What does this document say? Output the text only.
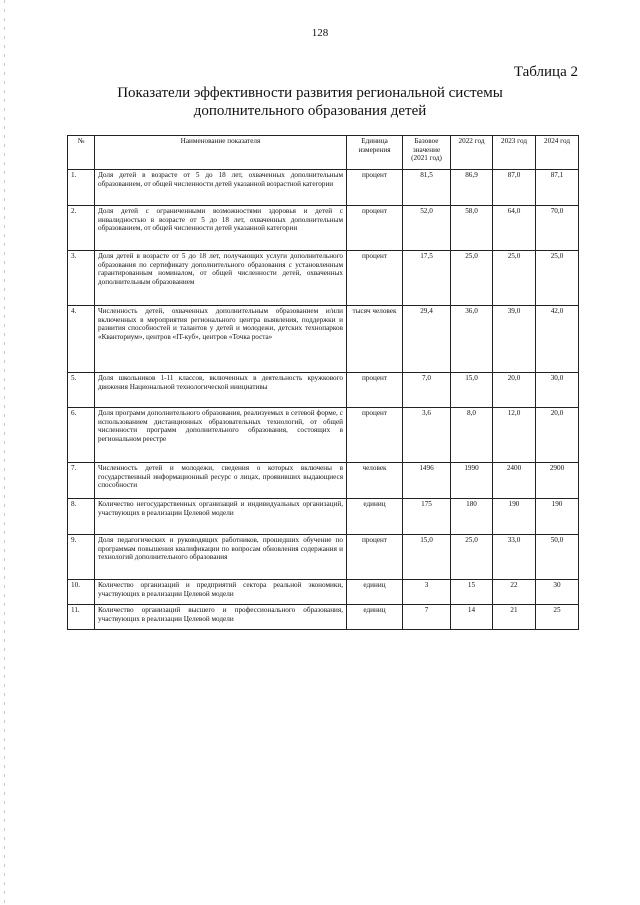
128
Таблица 2
Показатели эффективности развития региональной системы
дополнительного образования детей
№	Наименование показателя	Единица измерения	Базовое значение (2021 год)	2022 год	2023 год	2024 год
1.	Доля детей в возрасте от 5 до 18 лет, охваченных дополнительным образованием, от общей численности детей указанной возрастной категории	процент	81,5	86,9	87,0	87,1
2.	Доля детей с ограниченными возможностями здоровья и детей с инвалидностью в возрасте от 5 до 18 лет, охваченных дополнительным образованием, от общей численности детей указанной категории	процент	52,0	58,0	64,0	70,0
3.	Доля детей в возрасте от 5 до 18 лет, получающих услуги дополнительного образования по сертификату дополнительного образования с установленным гарантированным номиналом, от общей численности детей, охваченных дополнительным образованием	процент	17,5	25,0	25,0	25,0
4.	Численность детей, охваченных дополнительным образованием и/или включенных в мероприятия регионального центра выявления, поддержки и развития способностей и талантов у детей и молодежи, детских технопарков «Кванториум», центров «IT-куб», центров «Точка роста»	тысяч человек	29,4	36,0	39,0	42,0
5.	Доля школьников 1-11 классов, включенных в деятельность кружкового движения Национальной технологической инициативы	процент	7,0	15,0	20,0	30,0
6.	Доля программ дополнительного образования, реализуемых в сетевой форме, с использованием дистанционных образовательных технологий, от общей численности программ дополнительного образования, состоящих в региональном реестре	процент	3,6	8,0	12,0	20,0
7.	Численность детей и молодежи, сведения о которых включены в государственный информационный ресурс о лицах, проявивших выдающиеся способности	человек	1496	1990	2400	2900
8.	Количество негосударственных организаций и индивидуальных организаций, участвующих в реализации Целевой модели	единиц	175	180	190	190
9.	Доля педагогических и руководящих работников, прошедших обучение по программам повышения квалификации по вопросам обновления содержания и технологий дополнительного образования	процент	15,0	25,0	33,0	50,0
10.	Количество организаций и предприятий сектора реальной экономики, участвующих в реализации Целевой модели	единиц	3	15	22	30
11.	Количество организаций высшего и профессионального образования, участвующих в реализации Целевой модели	единиц	7	14	21	25
